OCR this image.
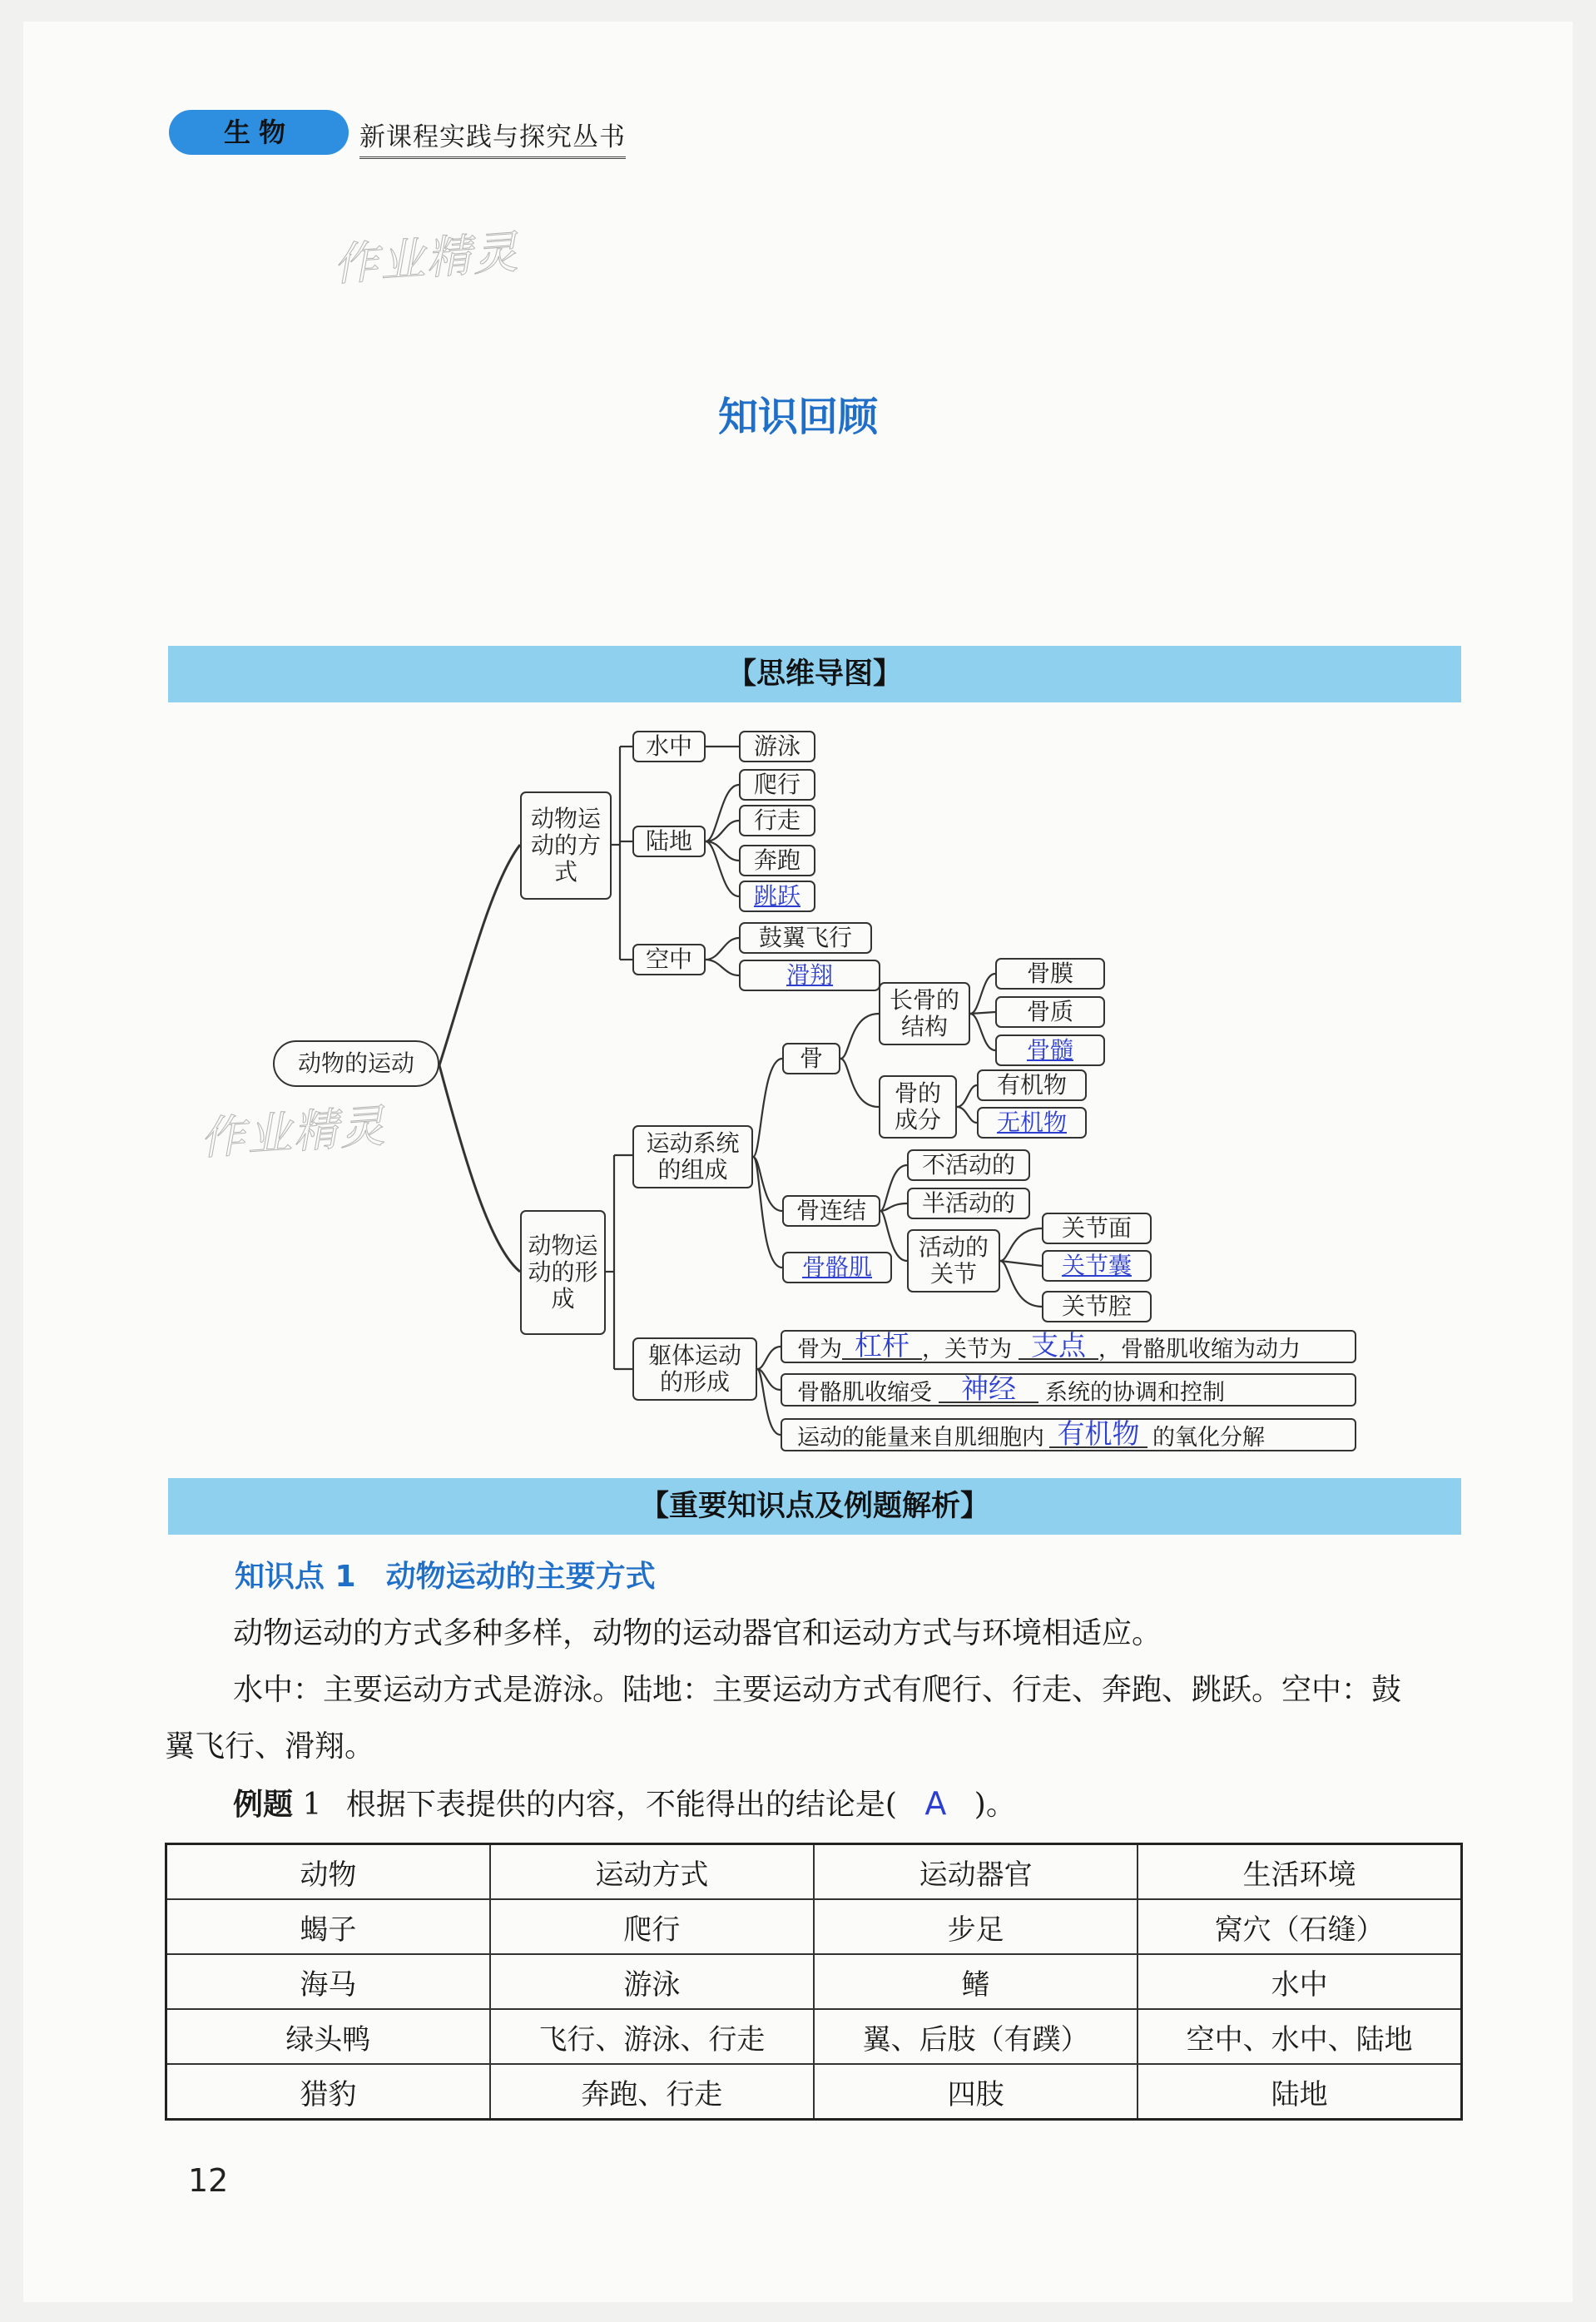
生物	新课程实践与探究丛书
作业精灵
作业精灵
知识回顾
【思维导图】
动物的运动
动物运动的方式
动物运动的形成
水中	游泳
陆地
爬行
行走
奔跑
跳跃
空中
鼓翼飞行
滑翔
运动系统的组成
骨
长骨的结构
骨膜
骨质
骨髓
骨的成分
有机物
无机物
骨连结
不活动的
半活动的
活动的关节
关节面
关节囊
关节腔
骨骼肌
躯体运动的形成
骨为 杠杆 ，关节为 支点 ，骨骼肌收缩为动力
骨骼肌收缩受	神经	系统的协调和控制
运动的能量来自肌细胞内 有机物 的氧化分解
【重要知识点及例题解析】
知识点 1　动物运动的主要方式
动物运动的方式多种多样，动物的运动器官和运动方式与环境相适应。
水中：主要运动方式是游泳。陆地：主要运动方式有爬行、行走、奔跑、跳跃。空中：鼓
翼飞行、滑翔。
例题 1 根据下表提供的内容，不能得出的结论是( A )。
动物	运动方式	运动器官	生活环境
蝎子	爬行	步足	窝穴（石缝）
海马	游泳	鳍	水中
绿头鸭	飞行、游泳、行走	翼、后肢（有蹼）	空中、水中、陆地
猎豹	奔跑、行走	四肢	陆地
12
